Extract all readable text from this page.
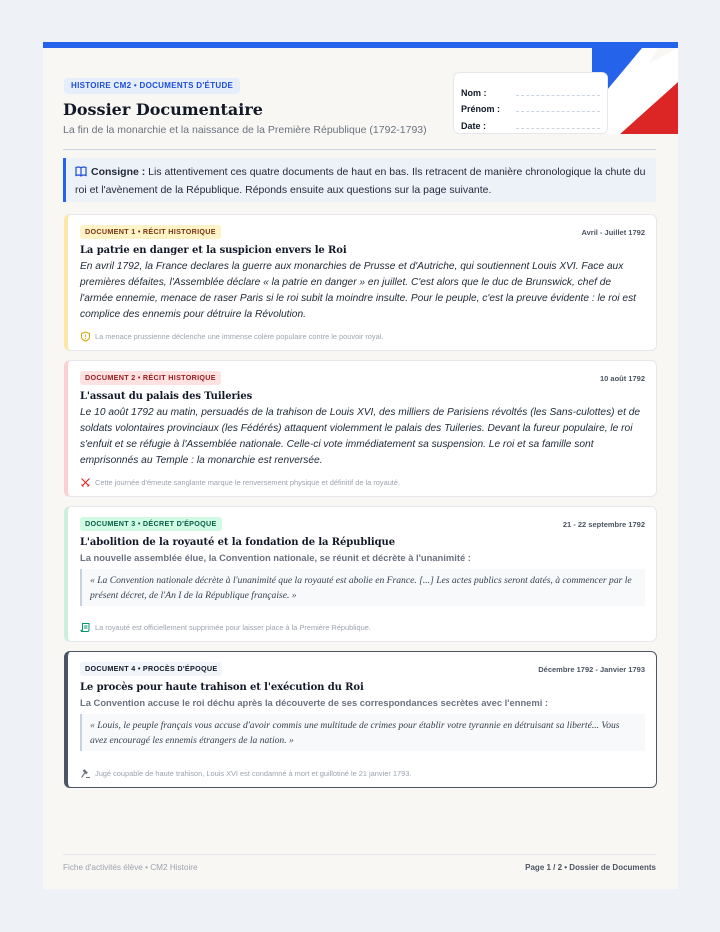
HISTOIRE CM2 • DOCUMENTS D'ÉTUDE
Dossier Documentaire
La fin de la monarchie et la naissance de la Première République (1792-1793)
Nom :
Prénom :
Date :
Consigne : Lis attentivement ces quatre documents de haut en bas. Ils retracent de manière chronologique la chute du roi et l'avènement de la République. Réponds ensuite aux questions sur la page suivante.
DOCUMENT 1 • RÉCIT HISTORIQUE	Avril - Juillet 1792
La patrie en danger et la suspicion envers le Roi
En avril 1792, la France declares la guerre aux monarchies de Prusse et d'Autriche, qui soutiennent Louis XVI. Face aux premières défaites, l'Assemblée déclare « la patrie en danger » en juillet. C'est alors que le duc de Brunswick, chef de l'armée ennemie, menace de raser Paris si le roi subit la moindre insulte. Pour le peuple, c'est la preuve évidente : le roi est complice des ennemis pour détruire la Révolution.
La menace prussienne déclenche une immense colère populaire contre le pouvoir royal.
DOCUMENT 2 • RÉCIT HISTORIQUE	10 août 1792
L'assaut du palais des Tuileries
Le 10 août 1792 au matin, persuadés de la trahison de Louis XVI, des milliers de Parisiens révoltés (les Sans-culottes) et de soldats volontaires provinciaux (les Fédérés) attaquent violemment le palais des Tuileries. Devant la fureur populaire, le roi s'enfuit et se réfugie à l'Assemblée nationale. Celle-ci vote immédiatement sa suspension. Le roi et sa famille sont emprisonnés au Temple : la monarchie est renversée.
Cette journée d'émeute sanglante marque le renversement physique et définitif de la royauté.
DOCUMENT 3 • DÉCRET D'ÉPOQUE	21 - 22 septembre 1792
L'abolition de la royauté et la fondation de la République
La nouvelle assemblée élue, la Convention nationale, se réunit et décrète à l'unanimité :
« La Convention nationale décrète à l'unanimité que la royauté est abolie en France. [...] Les actes publics seront datés, à commencer par le présent décret, de l'An I de la République française. »
La royauté est officiellement supprimée pour laisser place à la Première République.
DOCUMENT 4 • PROCÈS D'ÉPOQUE	Décembre 1792 - Janvier 1793
Le procès pour haute trahison et l'exécution du Roi
La Convention accuse le roi déchu après la découverte de ses correspondances secrètes avec l'ennemi :
« Louis, le peuple français vous accuse d'avoir commis une multitude de crimes pour établir votre tyrannie en détruisant sa liberté... Vous avez encouragé les ennemis étrangers de la nation. »
Jugé coupable de haute trahison, Louis XVI est condamné à mort et guillotiné le 21 janvier 1793.
Fiche d'activités élève • CM2 Histoire	Page 1 / 2 • Dossier de Documents
